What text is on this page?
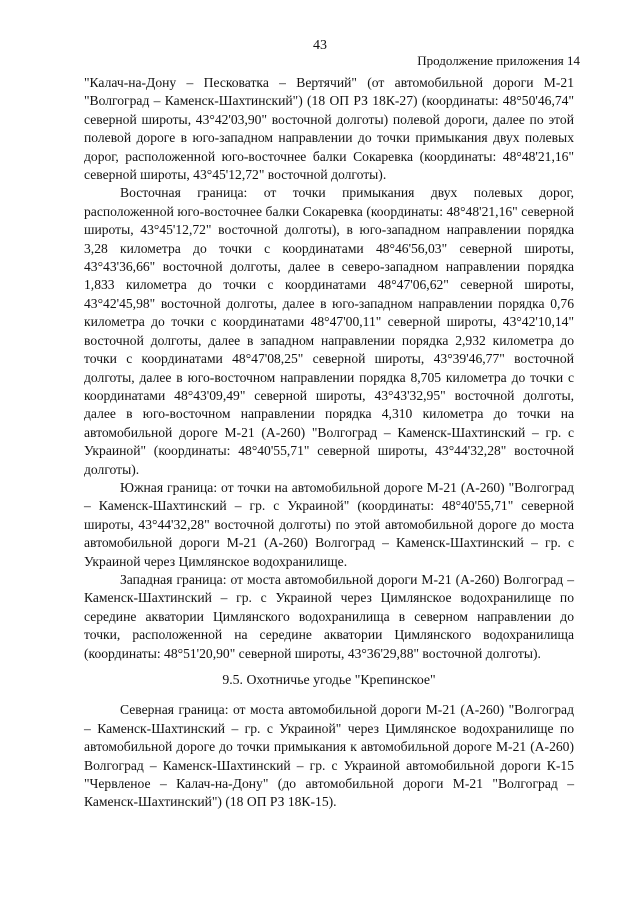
43
Продолжение приложения 14

"Калач-на-Дону – Песковатка – Вертячий" (от автомобильной дороги М-21 "Волгоград – Каменск-Шахтинский") (18 ОП РЗ 18К-27) (координаты: 48°50'46,74" северной широты, 43°42'03,90" восточной долготы) полевой дороги, далее по этой полевой дороге в юго-западном направлении до точки примыкания двух полевых дорог, расположенной юго-восточнее балки Сокаревка (координаты: 48°48'21,16" северной широты, 43°45'12,72" восточной долготы).

Восточная граница: от точки примыкания двух полевых дорог, расположенной юго-восточнее балки Сокаревка (координаты: 48°48'21,16" северной широты, 43°45'12,72" восточной долготы), в юго-западном направлении порядка 3,28 километра до точки с координатами 48°46'56,03" северной широты, 43°43'36,66" восточной долготы, далее в северо-западном направлении порядка 1,833 километра до точки с координатами 48°47'06,62" северной широты, 43°42'45,98" восточной долготы, далее в юго-западном направлении порядка 0,76 километра до точки с координатами 48°47'00,11" северной широты, 43°42'10,14" восточной долготы, далее в западном направлении порядка 2,932 километра до точки с координатами 48°47'08,25" северной широты, 43°39'46,77" восточной долготы, далее в юго-восточном направлении порядка 8,705 километра до точки с координатами 48°43'09,49" северной широты, 43°43'32,95" восточной долготы, далее в юго-восточном направлении порядка 4,310 километра до точки на автомобильной дороге М-21 (А-260) "Волгоград – Каменск-Шахтинский – гр. с Украиной" (координаты: 48°40'55,71" северной широты, 43°44'32,28" восточной долготы).

Южная граница: от точки на автомобильной дороге М-21 (А-260) "Волгоград – Каменск-Шахтинский – гр. с Украиной" (координаты: 48°40'55,71" северной широты, 43°44'32,28" восточной долготы) по этой автомобильной дороге до моста автомобильной дороги М-21 (А-260) Волгоград – Каменск-Шахтинский – гр. с Украиной через Цимлянское водохранилище.

Западная граница: от моста автомобильной дороги М-21 (А-260) Волгоград – Каменск-Шахтинский – гр. с Украиной через Цимлянское водохранилище по середине акватории Цимлянского водохранилища в северном направлении до точки, расположенной на середине акватории Цимлянского водохранилища (координаты: 48°51'20,90" северной широты, 43°36'29,88" восточной долготы).

9.5. Охотничье угодье "Крепинское"

Северная граница: от моста автомобильной дороги М-21 (А-260) "Волгоград – Каменск-Шахтинский – гр. с Украиной" через Цимлянское водохранилище по автомобильной дороге до точки примыкания к автомобильной дороге М-21 (А-260) Волгоград – Каменск-Шахтинский – гр. с Украиной автомобильной дороги К-15 "Червленое – Калач-на-Дону" (до автомобильной дороги М-21 "Волгоград – Каменск-Шахтинский") (18 ОП РЗ 18К-15).
